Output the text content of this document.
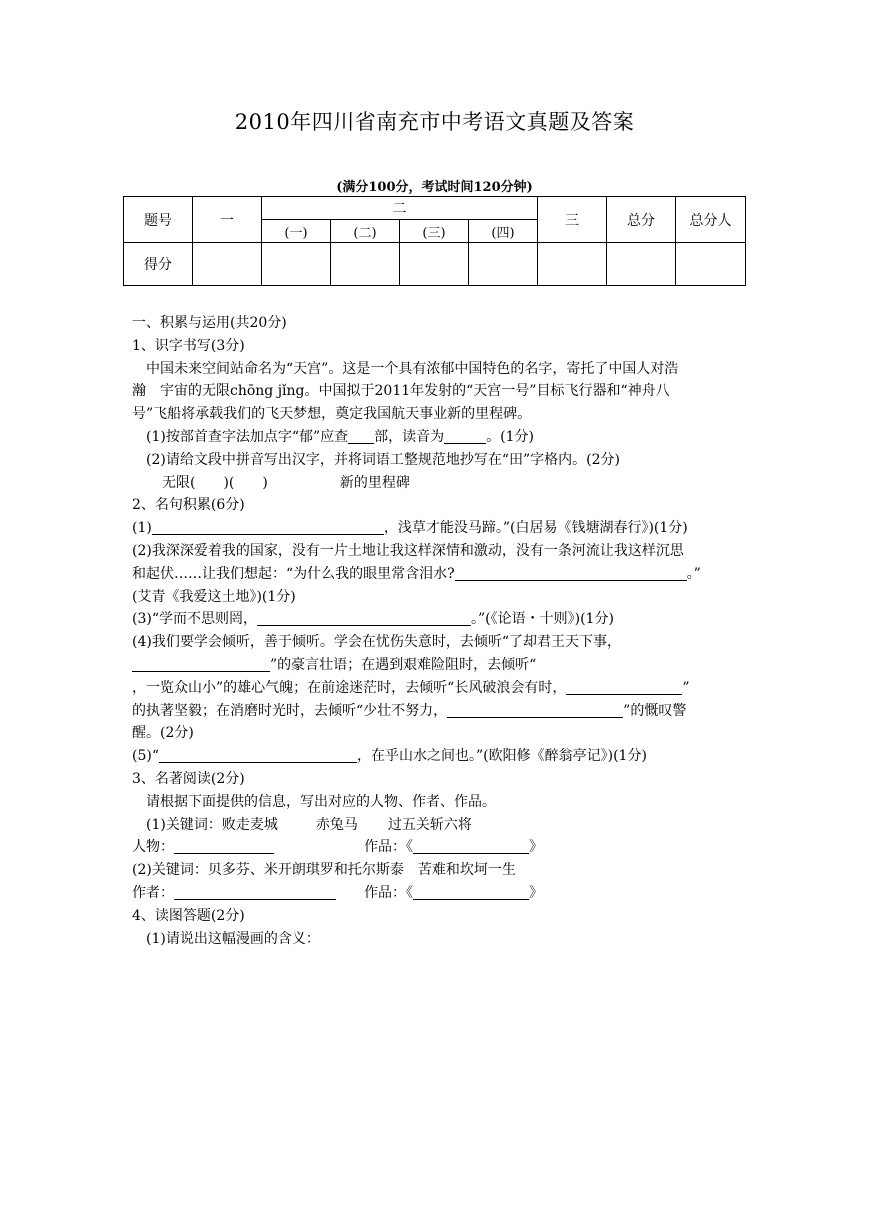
2010年四川省南充市中考语文真题及答案
(满分100分，考试时间120分钟)
题号	一	二				三	总分	总分人
		(一)	(二)	(三)	(四)			
得分								
一、积累与运用(共20分)
1、识字书写(3分)
中国未来空间站命名为“天宫”。这是一个具有浓郁中国特色的名字，寄托了中国人对浩
瀚　宇宙的无限chōng jǐng。中国拟于2011年发射的“天宫一号”目标飞行器和“神舟八
号”飞船将承载我们的飞天梦想，奠定我国航天事业新的里程碑。
(1)按部首查字法加点字“郁”应查 部，读音为	。(1分)
(2)请给文段中拼音写出汉字，并将词语工整规范地抄写在“田”字格内。(2分)
无限(　　)(　　)	新的里程碑
2、名句积累(6分)
(1)	，浅草才能没马蹄。”(白居易《钱塘湖春行》)(1分)
(2)我深深爱着我的国家，没有一片土地让我这样深情和激动，没有一条河流让我这样沉思
和起伏……让我们想起：“为什么我的眼里常含泪水?	。”
(艾青《我爱这土地》)(1分)
(3)“学而不思则罔，	。”(《论语・十则》)(1分)
(4)我们要学会倾听，善于倾听。学会在忧伤失意时，去倾听“了却君王天下事，
”的豪言壮语；在遇到艰难险阻时，去倾听“
，一览众山小”的雄心气魄；在前途迷茫时，去倾听“长风破浪会有时，	”
的执著坚毅；在消磨时光时，去倾听“少壮不努力，	”的慨叹警
醒。(2分)
(5)“	，在乎山水之间也。”(欧阳修《醉翁亭记》)(1分)
3、名著阅读(2分)
请根据下面提供的信息，写出对应的人物、作者、作品。
(1)关键词：败走麦城	赤兔马 过五关斩六将
人物：	作品：《	》
(2)关键词：贝多芬、米开朗琪罗和托尔斯泰　苦难和坎坷一生
作者：	作品：《	》
4、读图答题(2分)
(1)请说出这幅漫画的含义：
